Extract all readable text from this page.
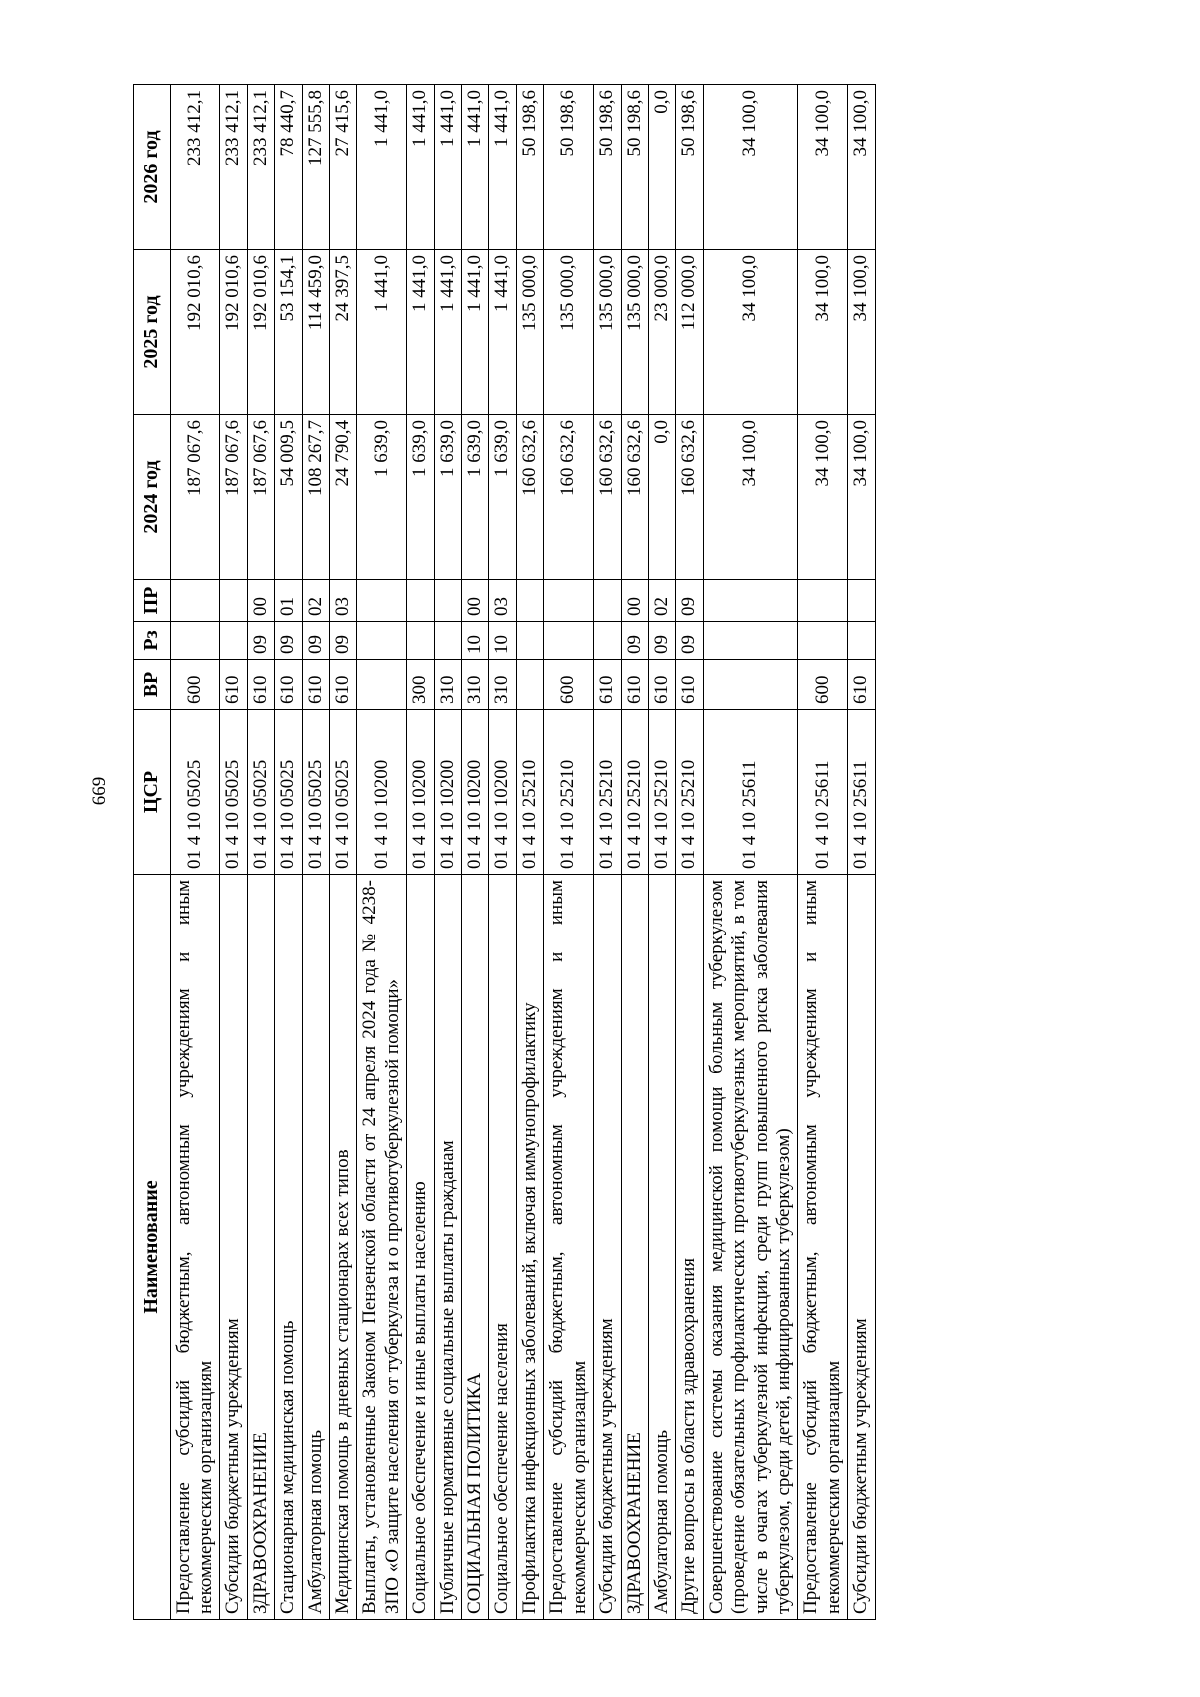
669
Наименование	ЦСР	ВР	Рз	ПР	2024 год	2025 год	2026 год
Предоставление субсидий бюджетным, автономным учреждениям и иным некоммерческим организациям	01 4 10 05025	600			187 067,6	192 010,6	233 412,1
Субсидии бюджетным учреждениям	01 4 10 05025	610			187 067,6	192 010,6	233 412,1
ЗДРАВООХРАНЕНИЕ	01 4 10 05025	610	09	00	187 067,6	192 010,6	233 412,1
Стационарная медицинская помощь	01 4 10 05025	610	09	01	54 009,5	53 154,1	78 440,7
Амбулаторная помощь	01 4 10 05025	610	09	02	108 267,7	114 459,0	127 555,8
Медицинская помощь в дневных стационарах всех типов	01 4 10 05025	610	09	03	24 790,4	24 397,5	27 415,6
Выплаты, установленные Законом Пензенской области от 24 апреля 2024 года № 4238-ЗПО «О защите населения от туберкулеза и о противотуберкулезной помощи»	01 4 10 10200				1 639,0	1 441,0	1 441,0
Социальное обеспечение и иные выплаты населению	01 4 10 10200	300			1 639,0	1 441,0	1 441,0
Публичные нормативные социальные выплаты гражданам	01 4 10 10200	310			1 639,0	1 441,0	1 441,0
СОЦИАЛЬНАЯ ПОЛИТИКА	01 4 10 10200	310	10	00	1 639,0	1 441,0	1 441,0
Социальное обеспечение населения	01 4 10 10200	310	10	03	1 639,0	1 441,0	1 441,0
Профилактика инфекционных заболеваний, включая иммунопрофилактику	01 4 10 25210				160 632,6	135 000,0	50 198,6
Предоставление субсидий бюджетным, автономным учреждениям и иным некоммерческим организациям	01 4 10 25210	600			160 632,6	135 000,0	50 198,6
Субсидии бюджетным учреждениям	01 4 10 25210	610			160 632,6	135 000,0	50 198,6
ЗДРАВООХРАНЕНИЕ	01 4 10 25210	610	09	00	160 632,6	135 000,0	50 198,6
Амбулаторная помощь	01 4 10 25210	610	09	02	0,0	23 000,0	0,0
Другие вопросы в области здравоохранения	01 4 10 25210	610	09	09	160 632,6	112 000,0	50 198,6
Совершенствование системы оказания медицинской помощи больным туберкулезом (проведение обязательных профилактических противотуберкулезных мероприятий, в том числе в очагах туберкулезной инфекции, среди групп повышенного риска заболевания туберкулезом, среди детей, инфицированных туберкулезом)	01 4 10 25611				34 100,0	34 100,0	34 100,0
Предоставление субсидий бюджетным, автономным учреждениям и иным некоммерческим организациям	01 4 10 25611	600			34 100,0	34 100,0	34 100,0
Субсидии бюджетным учреждениям	01 4 10 25611	610			34 100,0	34 100,0	34 100,0
